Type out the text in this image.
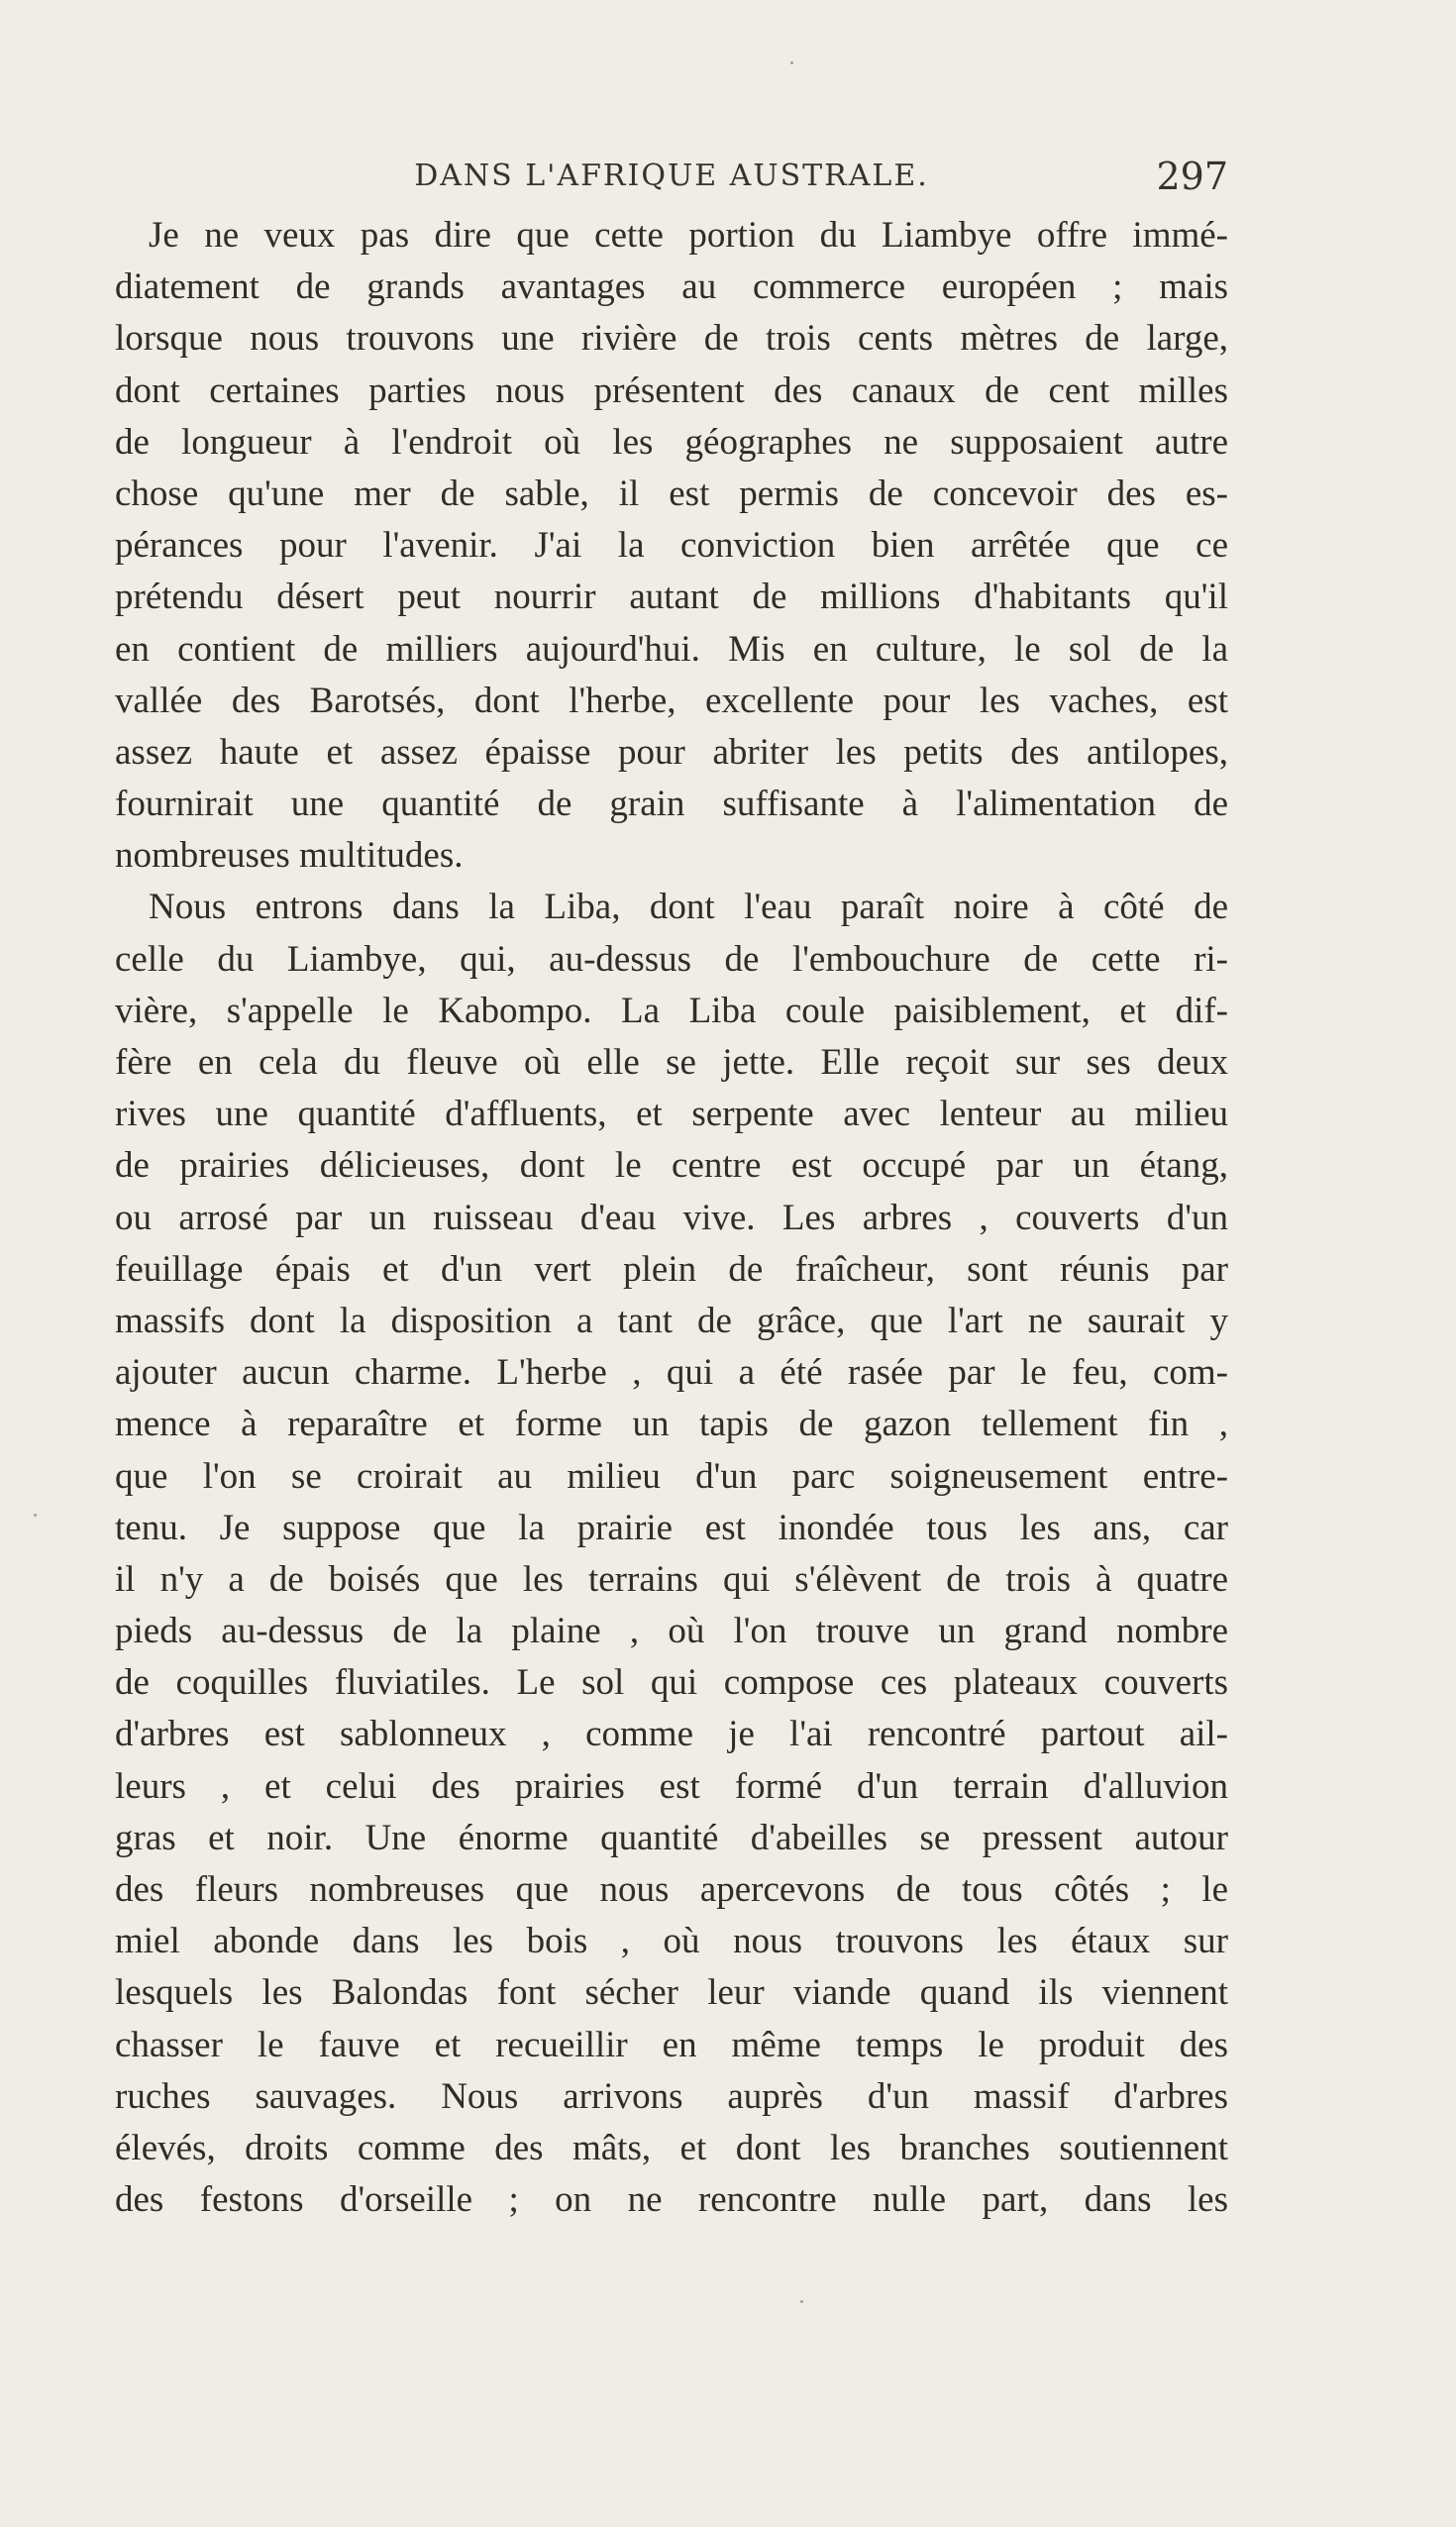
DANS L'AFRIQUE AUSTRALE.	297
Je ne veux pas dire que cette portion du Liambye offre immé-
diatement de grands avantages au commerce européen ; mais
lorsque nous trouvons une rivière de trois cents mètres de large,
dont certaines parties nous présentent des canaux de cent milles
de longueur à l'endroit où les géographes ne supposaient autre
chose qu'une mer de sable, il est permis de concevoir des es-
pérances pour l'avenir. J'ai la conviction bien arrêtée que ce
prétendu désert peut nourrir autant de millions d'habitants qu'il
en contient de milliers aujourd'hui. Mis en culture, le sol de la
vallée des Barotsés, dont l'herbe, excellente pour les vaches, est
assez haute et assez épaisse pour abriter les petits des antilopes,
fournirait une quantité de grain suffisante à l'alimentation de
nombreuses multitudes.
Nous entrons dans la Liba, dont l'eau paraît noire à côté de
celle du Liambye, qui, au-dessus de l'embouchure de cette ri-
vière, s'appelle le Kabompo. La Liba coule paisiblement, et dif-
fère en cela du fleuve où elle se jette. Elle reçoit sur ses deux
rives une quantité d'affluents, et serpente avec lenteur au milieu
de prairies délicieuses, dont le centre est occupé par un étang,
ou arrosé par un ruisseau d'eau vive. Les arbres , couverts d'un
feuillage épais et d'un vert plein de fraîcheur, sont réunis par
massifs dont la disposition a tant de grâce, que l'art ne saurait y
ajouter aucun charme. L'herbe , qui a été rasée par le feu, com-
mence à reparaître et forme un tapis de gazon tellement fin ,
que l'on se croirait au milieu d'un parc soigneusement entre-
tenu. Je suppose que la prairie est inondée tous les ans, car
il n'y a de boisés que les terrains qui s'élèvent de trois à quatre
pieds au-dessus de la plaine , où l'on trouve un grand nombre
de coquilles fluviatiles. Le sol qui compose ces plateaux couverts
d'arbres est sablonneux , comme je l'ai rencontré partout ail-
leurs , et celui des prairies est formé d'un terrain d'alluvion
gras et noir. Une énorme quantité d'abeilles se pressent autour
des fleurs nombreuses que nous apercevons de tous côtés ; le
miel abonde dans les bois , où nous trouvons les étaux sur
lesquels les Balondas font sécher leur viande quand ils viennent
chasser le fauve et recueillir en même temps le produit des
ruches sauvages. Nous arrivons auprès d'un massif d'arbres
élevés, droits comme des mâts, et dont les branches soutiennent
des festons d'orseille ; on ne rencontre nulle part, dans les
